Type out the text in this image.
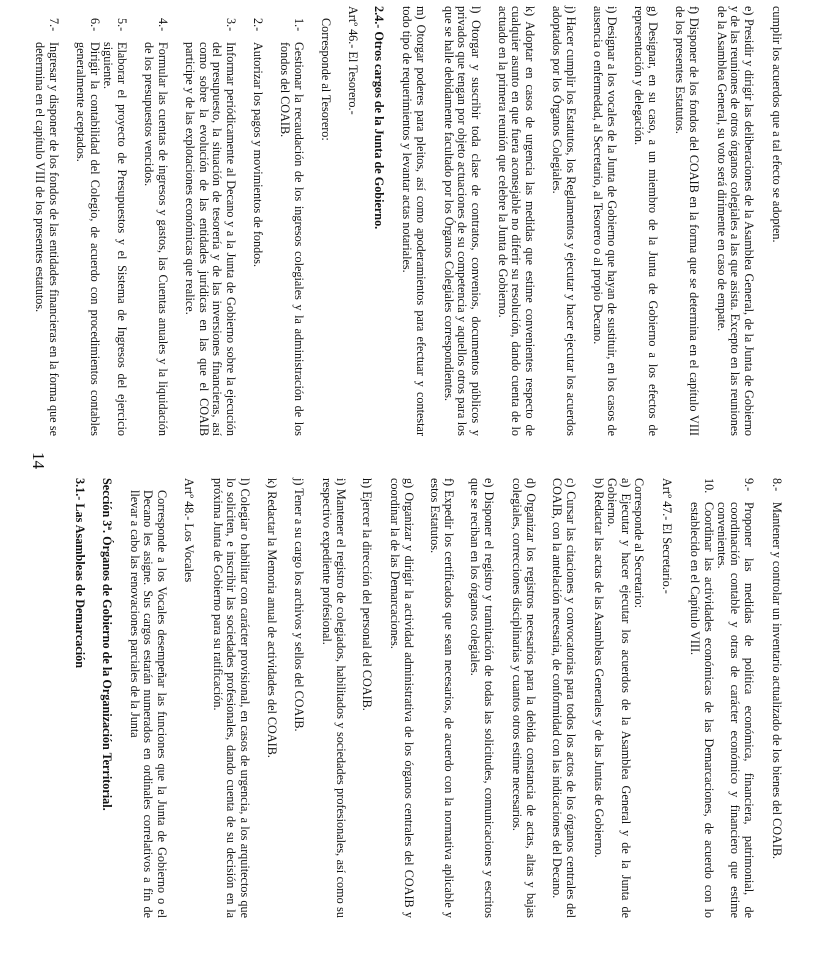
cumplir los acuerdos que a tal efecto se adopten.

e) Presidir y dirigir las deliberaciones de la Asamblea General, de la Junta de Gobierno y de las reuniones de otros órganos colegiales a las que asista. Excepto en las reuniones de la Asamblea General, su voto será dirimente en caso de empate.

f) Disponer de los fondos del COAIB en la forma que se determina en el capítulo VIII de los presentes Estatutos.

g) Designar, en su caso, a un miembro de la Junta de Gobierno a los efectos de representación y delegación.

i) Designar a los vocales de la Junta de Gobierno que hayan de sustituir, en los casos de ausencia o enfermedad, al Secretario, al Tesorero o al propio Decano.

j) Hacer cumplir los Estatutos, los Reglamentos y ejecutar y hacer ejecutar los acuerdos adoptados por los Órganos Colegiales.

k) Adoptar en casos de urgencia las medidas que estime convenientes respecto de cualquier asunto en que fuera aconsejable no diferir su resolución, dando cuenta de lo actuado en la primera reunión que celebre la Junta de Gobierno.

l) Otorgar y suscribir toda clase de contratos, convenios, documentos públicos y privados que tengan por objeto actuaciones de su competencia y aquellos otros para los que se halle debidamente facultado por los Órganos Colegiales correspondientes.

m) Otorgar poderes para pleitos, así como apoderamientos para efectuar y contestar todo tipo de requerimientos y levantar actas notariales.

2.4.- Otros cargos de la Junta de Gobierno.

Artº 46.- El Tesorero.-

Corresponde al Tesorero:

1.-
Gestionar la recaudación de los ingresos colegiales y la administración de los fondos del COAIB.
2.-
Autorizar los pagos y movimientos de fondos.
3.-
Informar periódicamente al Decano y a la Junta de Gobierno sobre la ejecución del presupuesto, la situación de tesorería y de las inversiones financieras, así como sobre la evolución de las entidades jurídicas en las que el COAIB participe y de las explotaciones económicas que realice.
4.-
Formular las cuentas de ingresos y gastos, las Cuentas anuales y la liquidación de los presupuestos vencidos.
5.-
Elaborar el proyecto de Presupuestos y el Sistema de Ingresos del ejercicio siguiente.
6.-
Dirigir la contabilidad del Colegio, de acuerdo con procedimientos contables generalmente aceptados.
7.-
Ingresar y disponer de los fondos de las entidades financieras en la forma que se determina en el capítulo VIII de los presentes estatutos.
8.-
Mantener y controlar un inventario actualizado de los bienes del COAIB.
9.-
Proponer las medidas de política económica, financiera, patrimonial, de coordinación contable y otras de carácter económico y financiero que estime convenientes.
10.
Coordinar las actividades económicas de las Demarcaciones, de acuerdo con lo establecido en el Capítulo VIII.

Artº 47.- El Secretario.-

Corresponde al Secretario:

a) Ejecutar y hacer ejecutar los acuerdos de la Asamblea General y de la Junta de Gobierno.

b) Redactar las actas de las Asambleas Generales y de las Juntas de Gobierno.

c) Cursar las citaciones y convocatorias para todos los actos de los órganos centrales del COAIB, con la antelación necesaria, de conformidad con las indicaciones del Decano.

d) Organizar los registros necesarios para la debida constancia de actas, altas y bajas colegiales, correcciones disciplinarias y cuantos otros estime necesarios.

e) Disponer el registro y tramitación de todas las solicitudes, comunicaciones y escritos que se reciban en los órganos colegiales.

f) Expedir los certificados que sean necesarios, de acuerdo con la normativa aplicable y estos Estatutos.

g) Organizar y dirigir la actividad administrativa de los órganos centrales del COAIB y coordinar la de las Demarcaciones.

h) Ejercer la dirección del personal del COAIB.

i) Mantener el registro de colegiados, habilitados y sociedades profesionales, así como su respectivo expediente profesional.

j) Tener a su cargo los archivos y sellos del COAIB.

k) Redactar la Memoria anual de actividades del COAIB.

l) Colegiar o habilitar con carácter provisional, en casos de urgencia, a los arquitectos que lo soliciten, e inscribir las sociedades profesionales, dando cuenta de su decisión en la próxima Junta de Gobierno para su ratificación.

Artº 48.- Los Vocales

Corresponde a los Vocales desempeñar las funciones que la Junta de Gobierno o el Decano les asigne. Sus cargos estarán numerados en ordinales correlativos a fin de llevar a cabo las renovaciones parciales de la Junta

Sección 3ª. Órganos de Gobierno de la Organización Territorial.

3.1.- Las Asambleas de Demarcación

14
